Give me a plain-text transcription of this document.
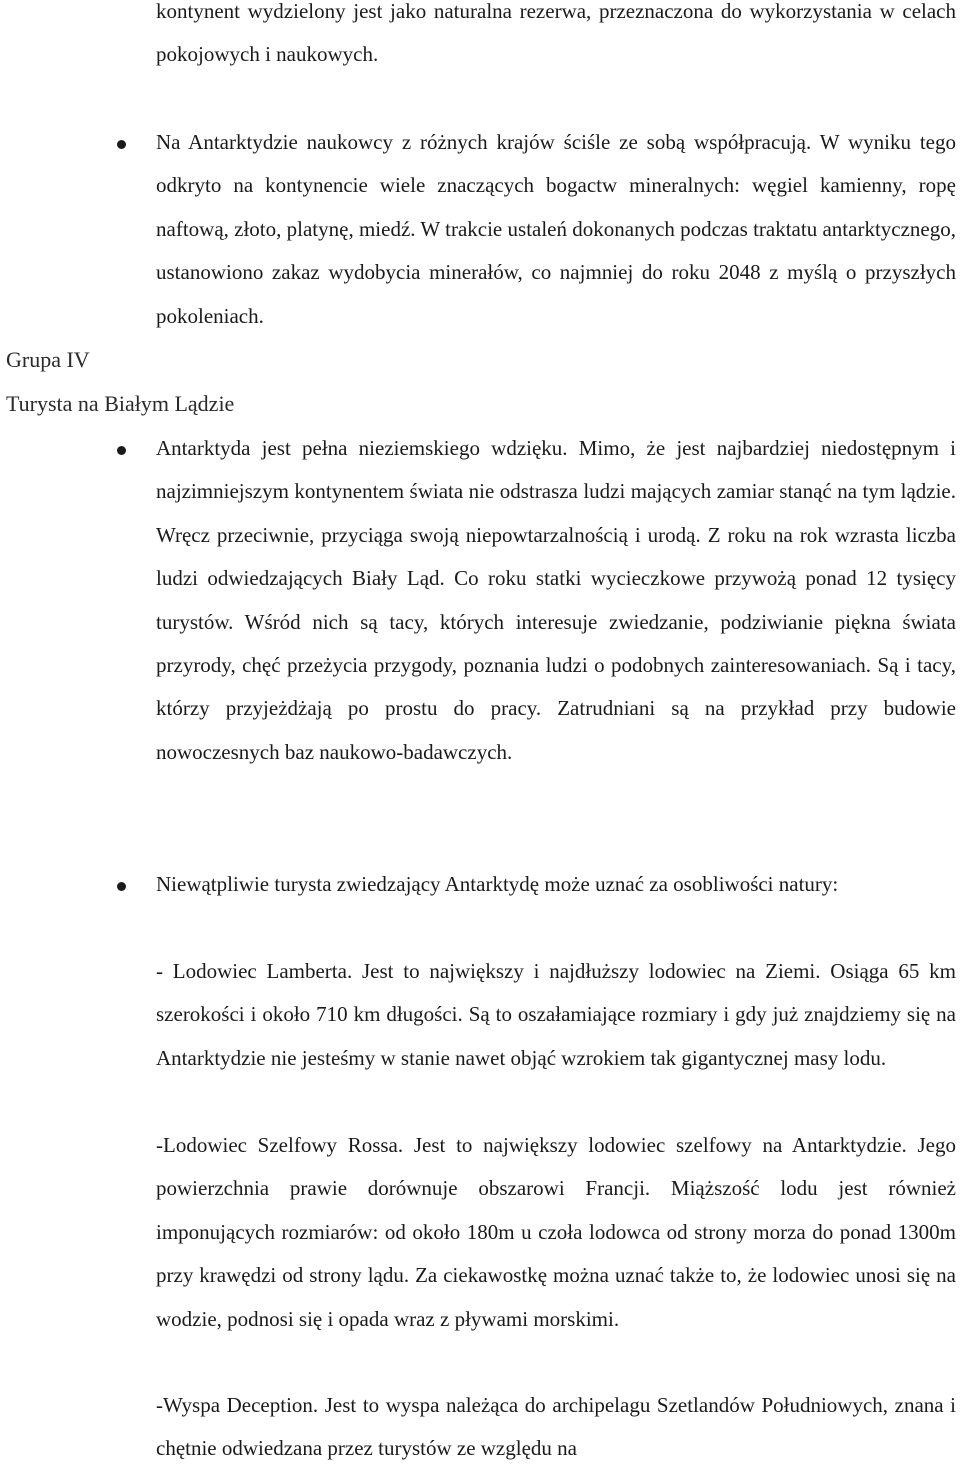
kontynent wydzielony jest jako naturalna rezerwa, przeznaczona do wykorzystania w celach pokojowych i naukowych.

Na Antarktydzie naukowcy z różnych krajów ściśle ze sobą współpracują. W wyniku tego odkryto na kontynencie wiele znaczących bogactw mineralnych: węgiel kamienny, ropę naftową, złoto, platynę, miedź. W trakcie ustaleń dokonanych podczas traktatu antarktycznego, ustanowiono zakaz wydobycia minerałów, co najmniej do roku 2048 z myślą o przyszłych pokoleniach.

Grupa IV
Turysta na Białym Lądzie

Antarktyda jest pełna nieziemskiego wdzięku. Mimo, że jest najbardziej niedostępnym i najzimniejszym kontynentem świata nie odstrasza ludzi mających zamiar stanąć na tym lądzie. Wręcz przeciwnie, przyciąga swoją niepowtarzalnością i urodą. Z roku na rok wzrasta liczba ludzi odwiedzających Biały Ląd. Co roku statki wycieczkowe przywożą ponad 12 tysięcy turystów. Wśród nich są tacy, których interesuje zwiedzanie, podziwianie piękna świata przyrody, chęć przeżycia przygody, poznania ludzi o podobnych zainteresowaniach. Są i tacy, którzy przyjeżdżają po prostu do pracy. Zatrudniani są na przykład przy budowie nowoczesnych baz naukowo-badawczych.

Niewątpliwie turysta zwiedzający Antarktydę może uznać za osobliwości natury:

- Lodowiec Lamberta. Jest to największy i najdłuższy lodowiec na Ziemi. Osiąga 65 km szerokości i około 710 km długości. Są to oszałamiające rozmiary i gdy już znajdziemy się na Antarktydzie nie jesteśmy w stanie nawet objąć wzrokiem tak gigantycznej masy lodu.

-Lodowiec Szelfowy Rossa. Jest to największy lodowiec szelfowy na Antarktydzie. Jego powierzchnia prawie dorównuje obszarowi Francji. Miąższość lodu jest również imponujących rozmiarów: od około 180m u czoła lodowca od strony morza do ponad 1300m przy krawędzi od strony lądu. Za ciekawostkę można uznać także to, że lodowiec unosi się na wodzie, podnosi się i opada wraz z pływami morskimi.

-Wyspa Deception. Jest to wyspa należąca do archipelagu Szetlandów Południowych, znana i chętnie odwiedzana przez turystów ze względu na
